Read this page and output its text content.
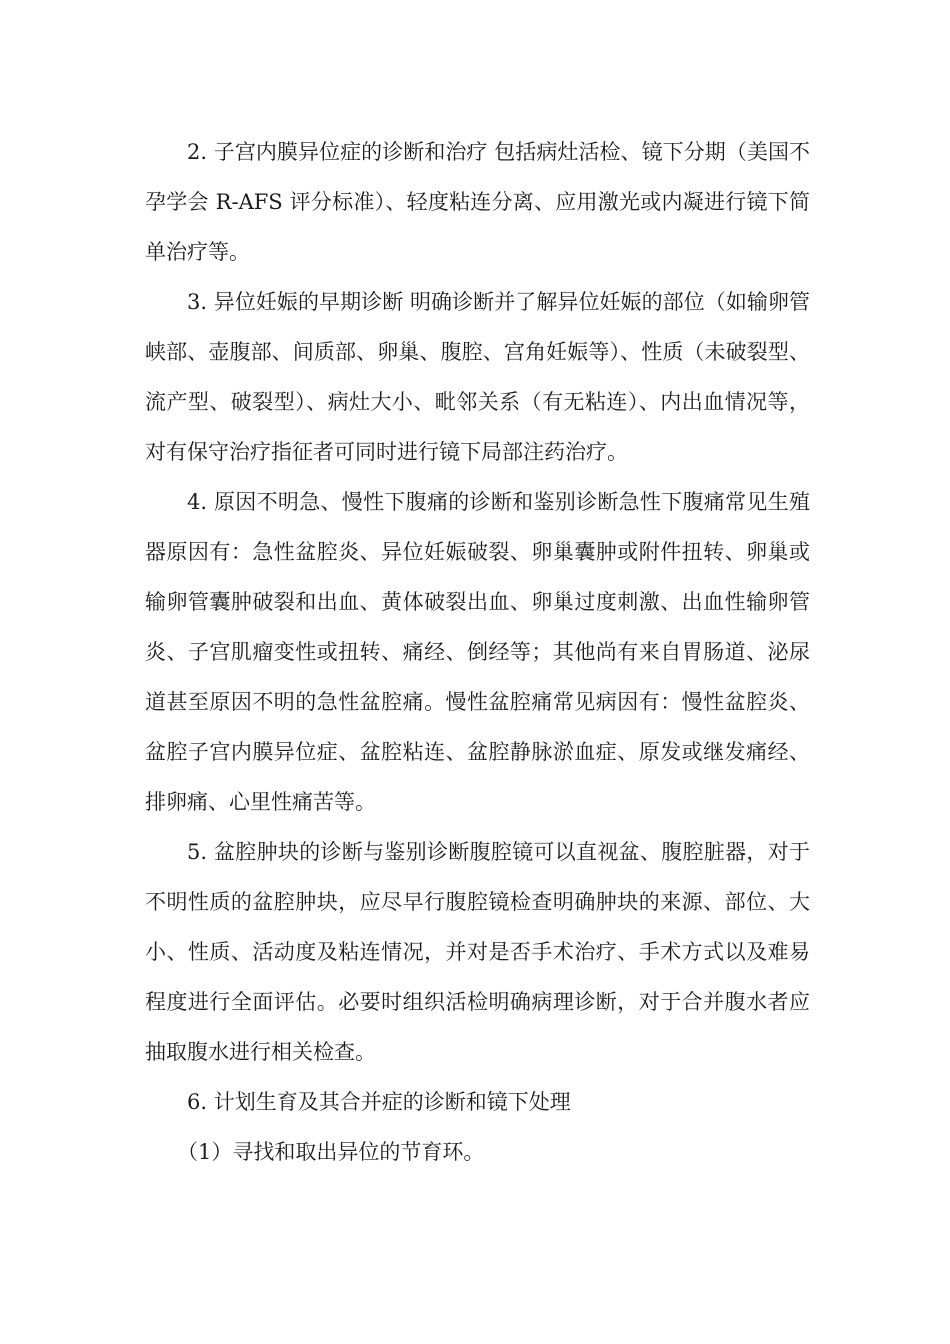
2. 子宫内膜异位症的诊断和治疗 包括病灶活检、镜下分期（美国不孕学会 R-AFS 评分标准）、轻度粘连分离、应用激光或内凝进行镜下简单治疗等。

3. 异位妊娠的早期诊断 明确诊断并了解异位妊娠的部位（如输卵管峡部、壶腹部、间质部、卵巢、腹腔、宫角妊娠等）、性质（未破裂型、流产型、破裂型）、病灶大小、毗邻关系（有无粘连）、内出血情况等，对有保守治疗指征者可同时进行镜下局部注药治疗。

4. 原因不明急、慢性下腹痛的诊断和鉴别诊断急性下腹痛常见生殖器原因有：急性盆腔炎、异位妊娠破裂、卵巢囊肿或附件扭转、卵巢或输卵管囊肿破裂和出血、黄体破裂出血、卵巢过度刺激、出血性输卵管炎、子宫肌瘤变性或扭转、痛经、倒经等；其他尚有来自胃肠道、泌尿道甚至原因不明的急性盆腔痛。慢性盆腔痛常见病因有：慢性盆腔炎、盆腔子宫内膜异位症、盆腔粘连、盆腔静脉淤血症、原发或继发痛经、排卵痛、心里性痛苦等。

5. 盆腔肿块的诊断与鉴别诊断腹腔镜可以直视盆、腹腔脏器，对于不明性质的盆腔肿块，应尽早行腹腔镜检查明确肿块的来源、部位、大小、性质、活动度及粘连情况，并对是否手术治疗、手术方式以及难易程度进行全面评估。必要时组织活检明确病理诊断，对于合并腹水者应抽取腹水进行相关检查。

6. 计划生育及其合并症的诊断和镜下处理

（1）寻找和取出异位的节育环。
